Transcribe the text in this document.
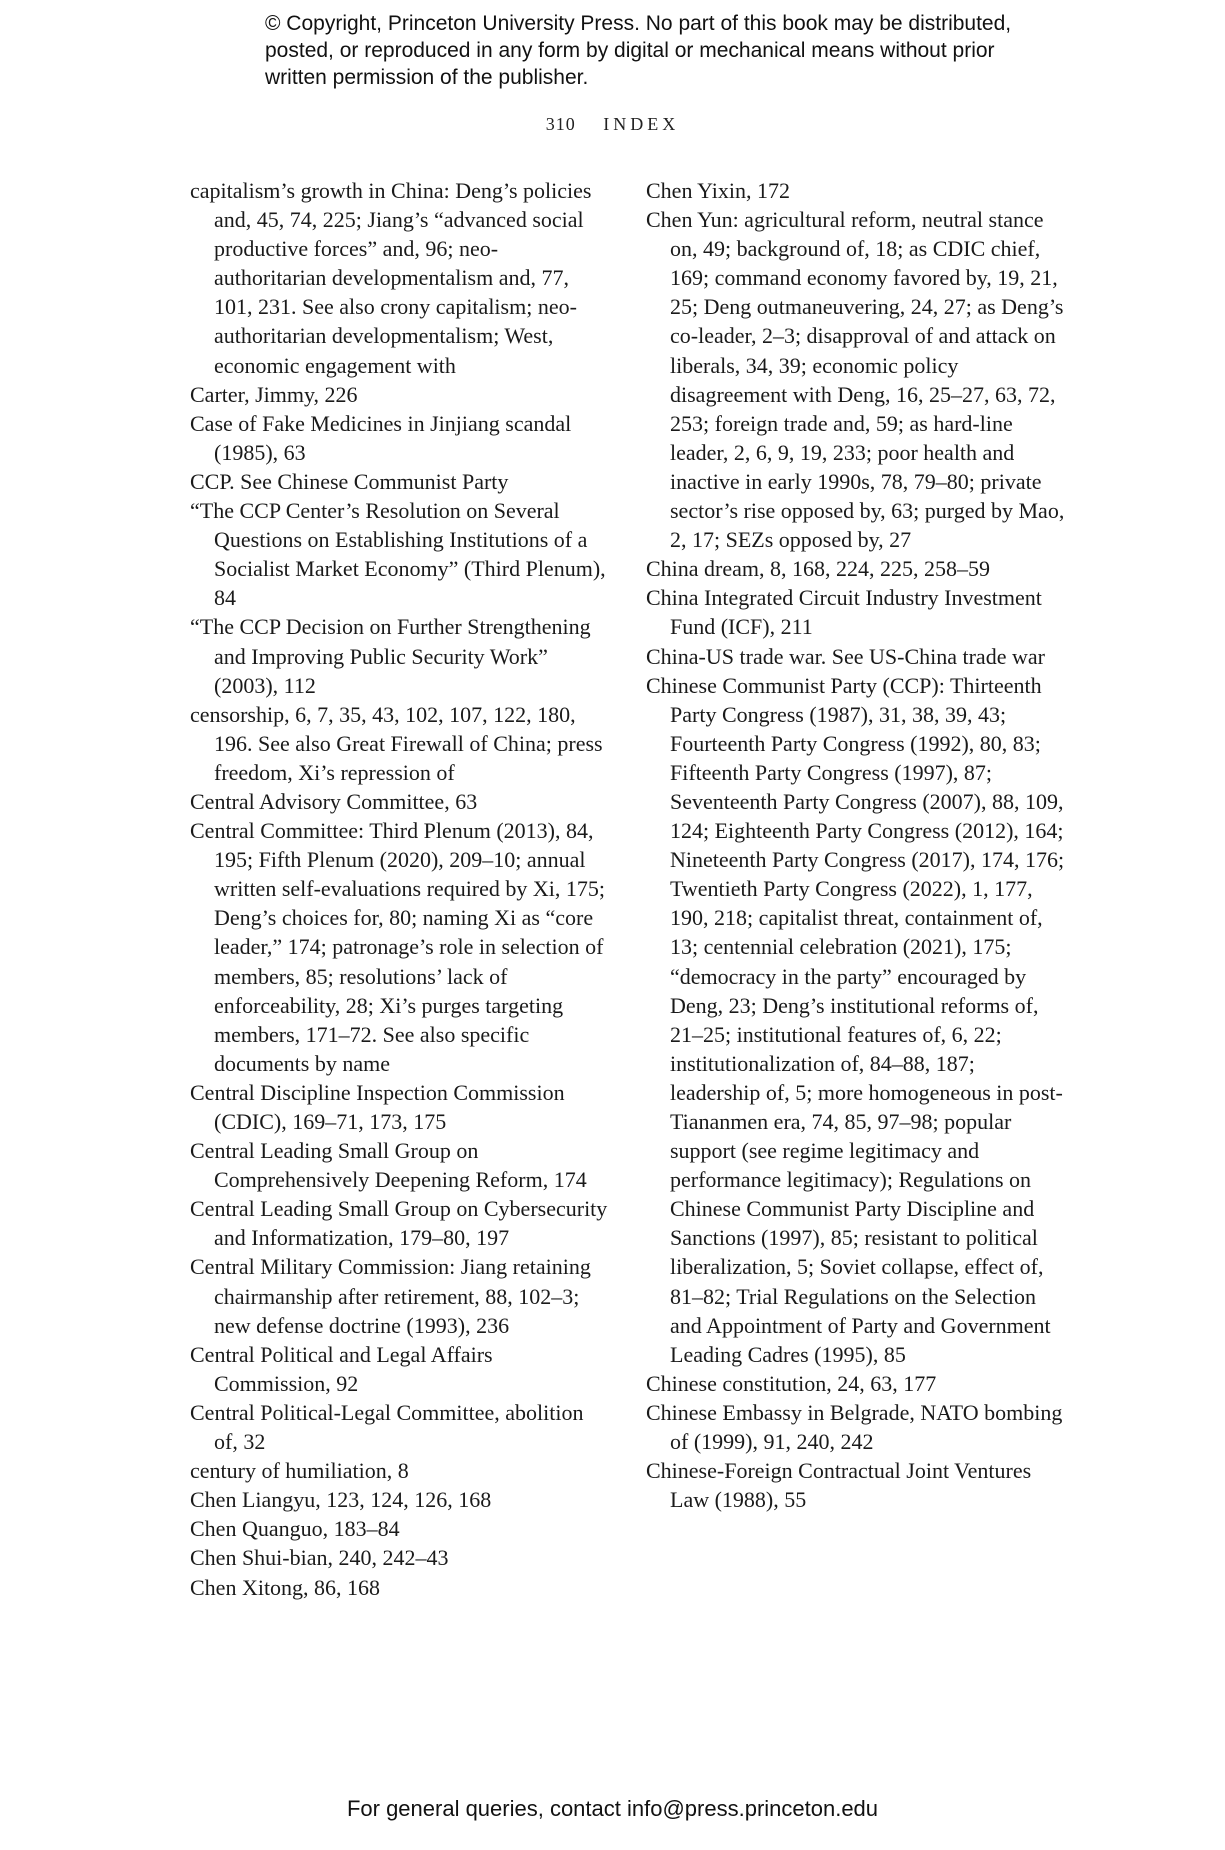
© Copyright, Princeton University Press. No part of this book may be distributed, posted, or reproduced in any form by digital or mechanical means without prior written permission of the publisher.
310 INDEX

capitalism’s growth in China: Deng’s policies and, 45, 74, 225; Jiang’s “advanced social productive forces” and, 96; neo-authoritarian developmentalism and, 77, 101, 231. See also crony capitalism; neo-authoritarian developmentalism; West, economic engagement with

Carter, Jimmy, 226

Case of Fake Medicines in Jinjiang scandal (1985), 63

CCP. See Chinese Communist Party

“The CCP Center’s Resolution on Several Questions on Establishing Institutions of a Socialist Market Economy” (Third Plenum), 84

“The CCP Decision on Further Strengthening and Improving Public Security Work” (2003), 112

censorship, 6, 7, 35, 43, 102, 107, 122, 180, 196. See also Great Firewall of China; press freedom, Xi’s repression of

Central Advisory Committee, 63

Central Committee: Third Plenum (2013), 84, 195; Fifth Plenum (2020), 209–10; annual written self-evaluations required by Xi, 175; Deng’s choices for, 80; naming Xi as “core leader,” 174; patronage’s role in selection of members, 85; resolutions’ lack of enforceability, 28; Xi’s purges targeting members, 171–72. See also specific documents by name

Central Discipline Inspection Commission (CDIC), 169–71, 173, 175

Central Leading Small Group on Comprehensively Deepening Reform, 174

Central Leading Small Group on Cybersecurity and Informatization, 179–80, 197

Central Military Commission: Jiang retaining chairmanship after retirement, 88, 102–3; new defense doctrine (1993), 236

Central Political and Legal Affairs Commission, 92

Central Political-Legal Committee, abolition of, 32

century of humiliation, 8

Chen Liangyu, 123, 124, 126, 168

Chen Quanguo, 183–84

Chen Shui-bian, 240, 242–43

Chen Xitong, 86, 168

Chen Yixin, 172

Chen Yun: agricultural reform, neutral stance on, 49; background of, 18; as CDIC chief, 169; command economy favored by, 19, 21, 25; Deng outmaneuvering, 24, 27; as Deng’s co-leader, 2–3; disapproval of and attack on liberals, 34, 39; economic policy disagreement with Deng, 16, 25–27, 63, 72, 253; foreign trade and, 59; as hard-line leader, 2, 6, 9, 19, 233; poor health and inactive in early 1990s, 78, 79–80; private sector’s rise opposed by, 63; purged by Mao, 2, 17; SEZs opposed by, 27

China dream, 8, 168, 224, 225, 258–59

China Integrated Circuit Industry Investment Fund (ICF), 211

China-US trade war. See US-China trade war

Chinese Communist Party (CCP): Thirteenth Party Congress (1987), 31, 38, 39, 43; Fourteenth Party Congress (1992), 80, 83; Fifteenth Party Congress (1997), 87; Seventeenth Party Congress (2007), 88, 109, 124; Eighteenth Party Congress (2012), 164; Nineteenth Party Congress (2017), 174, 176; Twentieth Party Congress (2022), 1, 177, 190, 218; capitalist threat, containment of, 13; centennial celebration (2021), 175; “democracy in the party” encouraged by Deng, 23; Deng’s institutional reforms of, 21–25; institutional features of, 6, 22; institutionalization of, 84–88, 187; leadership of, 5; more homogeneous in post-Tiananmen era, 74, 85, 97–98; popular support (see regime legitimacy and performance legitimacy); Regulations on Chinese Communist Party Discipline and Sanctions (1997), 85; resistant to political liberalization, 5; Soviet collapse, effect of, 81–82; Trial Regulations on the Selection and Appointment of Party and Government Leading Cadres (1995), 85

Chinese constitution, 24, 63, 177

Chinese Embassy in Belgrade, NATO bombing of (1999), 91, 240, 242

Chinese-Foreign Contractual Joint Ventures Law (1988), 55

For general queries, contact info@press.princeton.edu
